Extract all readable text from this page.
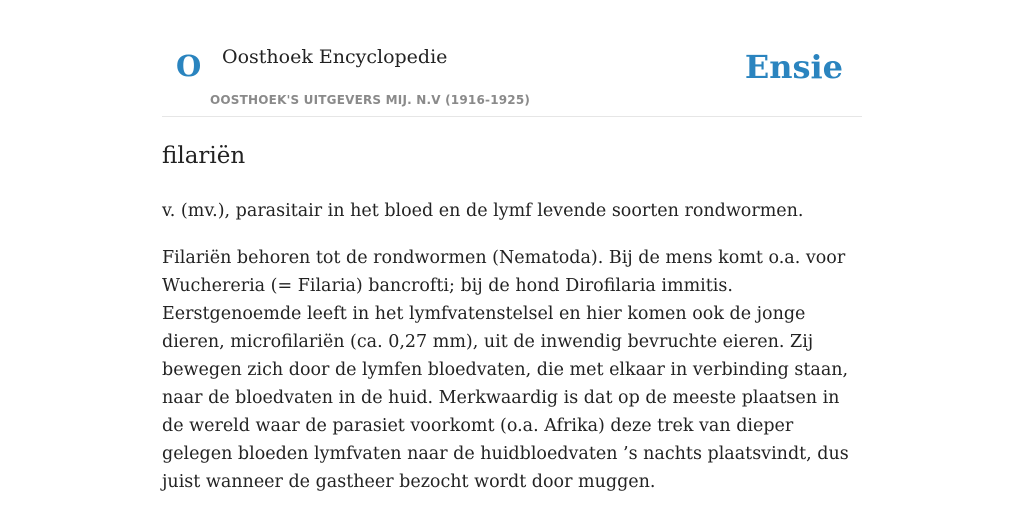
O Oosthoek Encyclopedie
OOSTHOEK'S UITGEVERS MIJ. N.V (1916-1925)
Ensie
filariën

v. (mv.), parasitair in het bloed en de lymf levende soorten rondwormen.

Filariën behoren tot de rondwormen (Nematoda). Bij de mens komt o.a. voor Wuchereria (= Filaria) bancrofti; bij de hond Dirofilaria immitis. Eerstgenoemde leeft in het lymfvatenstelsel en hier komen ook de jonge dieren, microfilariën (ca. 0,27 mm), uit de inwendig bevruchte eieren. Zij bewegen zich door de lymfen bloedvaten, die met elkaar in verbinding staan, naar de bloedvaten in de huid. Merkwaardig is dat op de meeste plaatsen in de wereld waar de parasiet voorkomt (o.a. Afrika) deze trek van dieper gelegen bloeden lymfvaten naar de huidbloedvaten ’s nachts plaatsvindt, dus juist wanneer de gastheer bezocht wordt door muggen.
